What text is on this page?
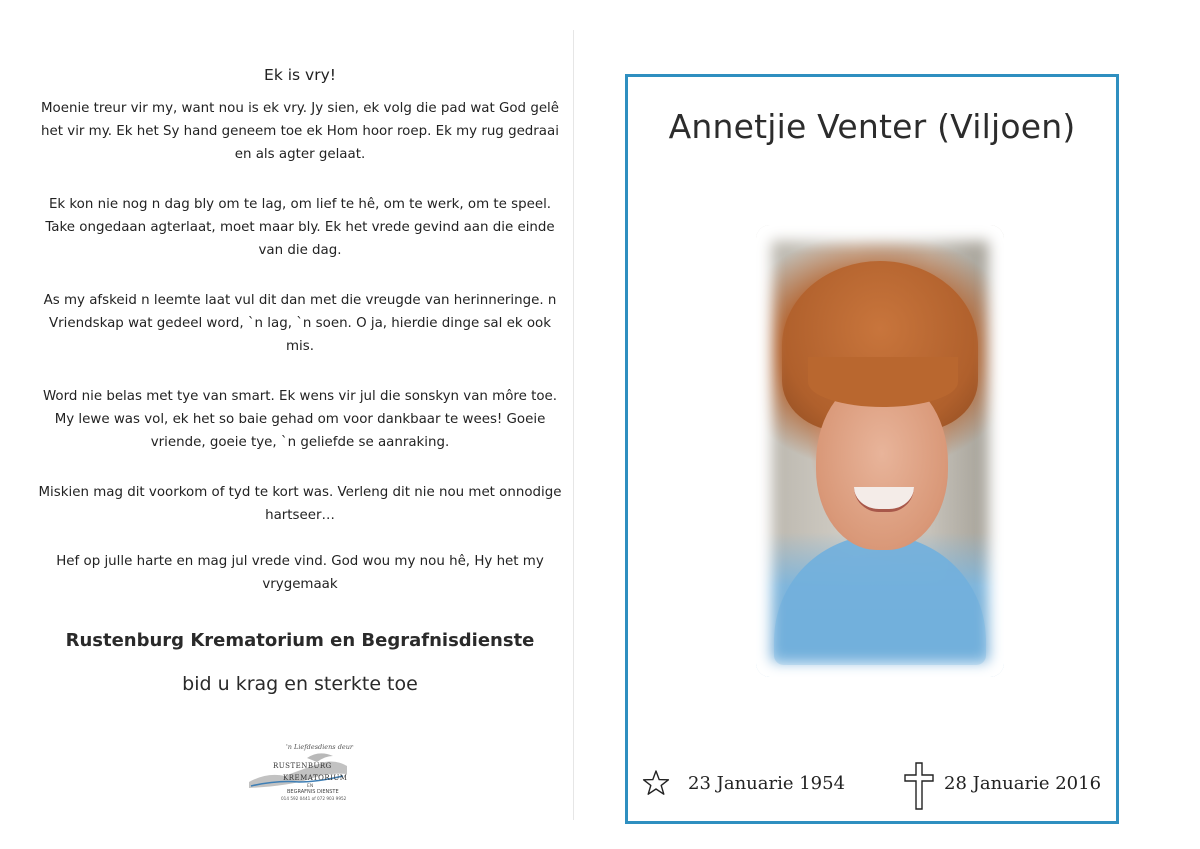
Ek is vry!

Moenie treur vir my, want nou is ek vry. Jy sien, ek volg die pad wat God gelê het vir my. Ek het Sy hand geneem toe ek Hom hoor roep. Ek my rug gedraai en als agter gelaat.

Ek kon nie nog n dag bly om te lag, om lief te hê, om te werk, om te speel. Take ongedaan agterlaat, moet maar bly. Ek het vrede gevind aan die einde van die dag.

As my afskeid n leemte laat vul dit dan met die vreugde van herinneringe. n Vriendskap wat gedeel word, `n lag, `n soen. O ja, hierdie dinge sal ek ook mis.

Word nie belas met tye van smart. Ek wens vir jul die sonskyn van môre toe. My lewe was vol, ek het so baie gehad om voor dankbaar te wees! Goeie vriende, goeie tye, `n geliefde se aanraking.

Miskien mag dit voorkom of tyd te kort was. Verleng dit nie nou met onnodige hartseer…

Hef op julle harte en mag jul vrede vind. God wou my nou hê, Hy het my vrygemaak

Rustenburg Krematorium en Begrafnisdienste
bid u krag en sterkte toe
'n Liefdesdiens deur
RUSTENBURG
KREMATORIUM
EN
BEGRAFNIS DIENSTE
014 592 0441 of 072 903 9952
Annetjie Venter (Viljoen)
23 Januarie 1954	28 Januarie 2016
